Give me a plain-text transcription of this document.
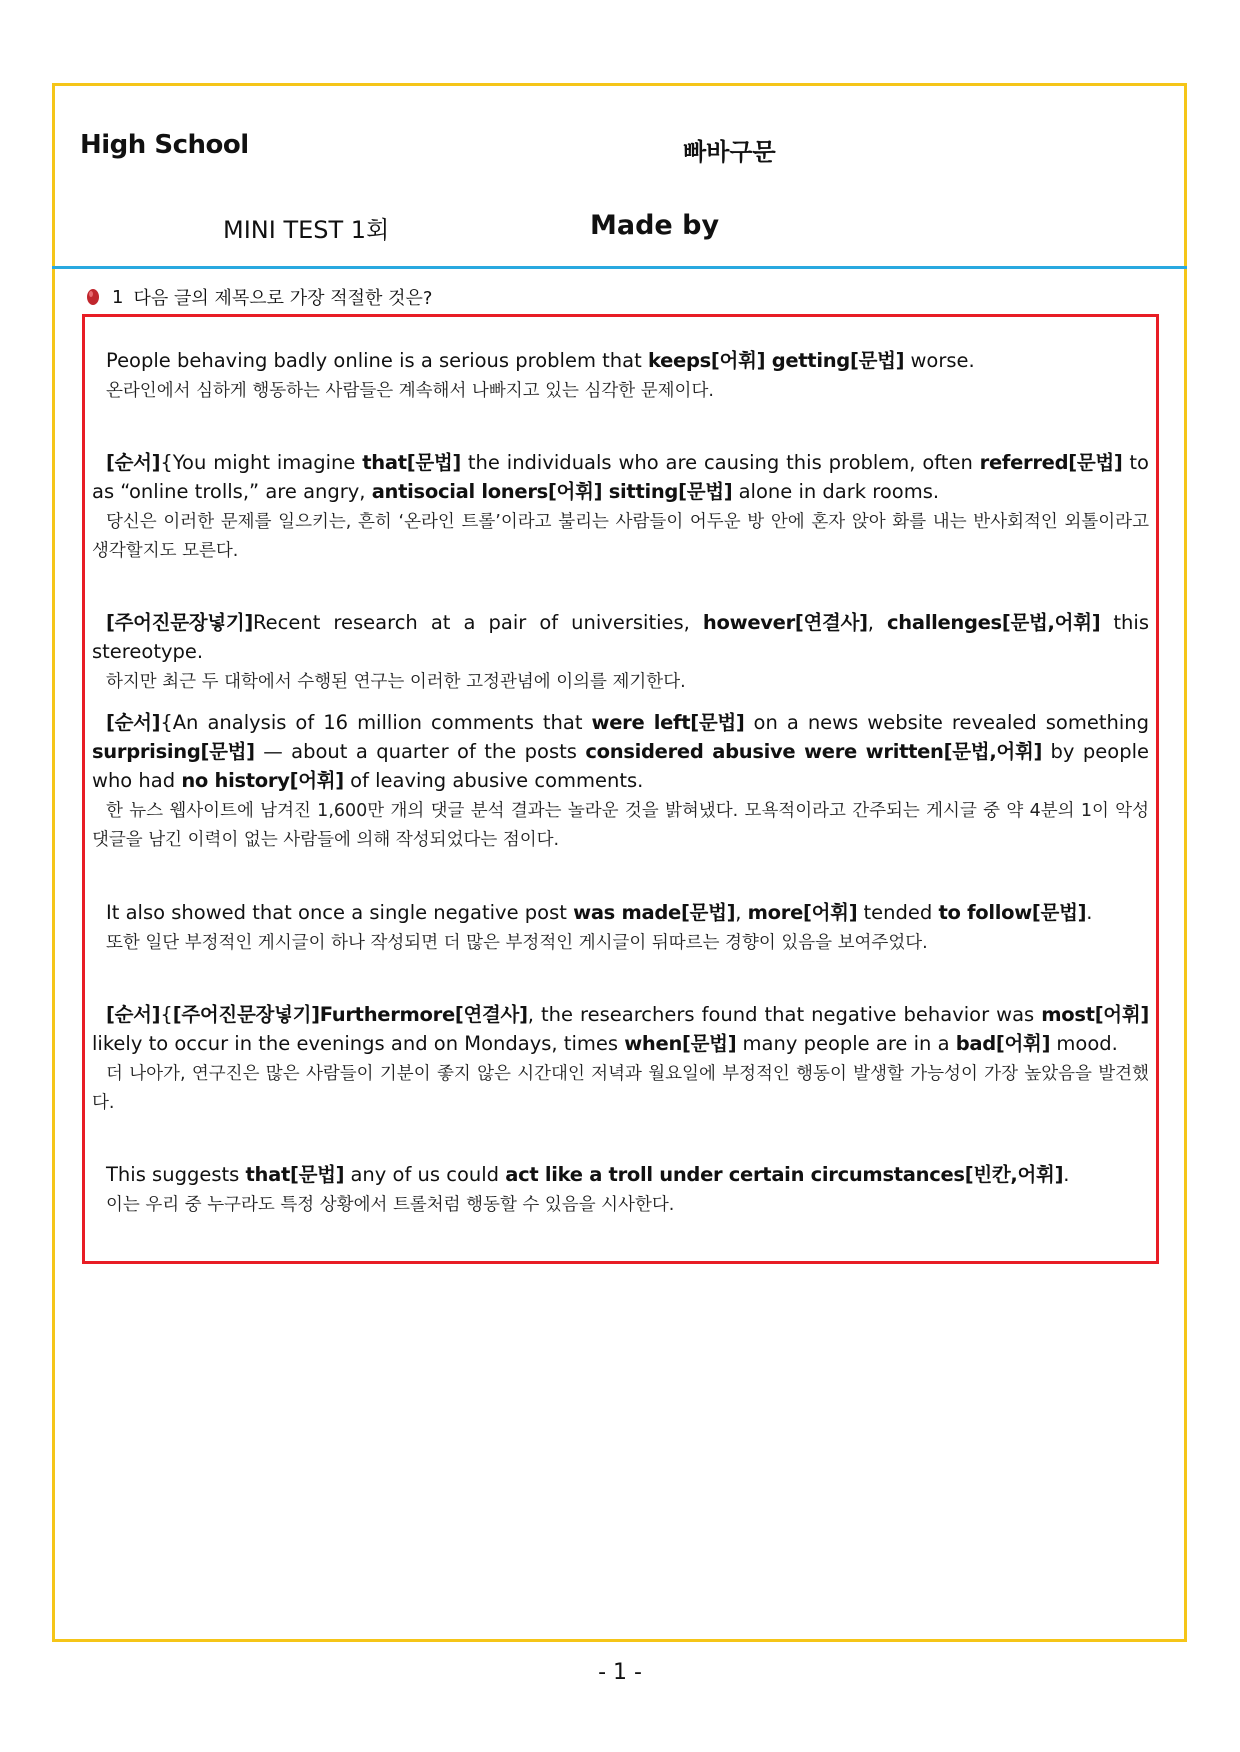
High School	빠바구문
MINI TEST 1회	Made by
1 다음 글의 제목으로 가장 적절한 것은?
People behaving badly online is a serious problem that keeps[어휘] getting[문법] worse.
온라인에서 심하게 행동하는 사람들은 계속해서 나빠지고 있는 심각한 문제이다.
[순서]{You might imagine that[문법] the individuals who are causing this problem, often referred[문법] to as “online trolls,” are angry, antisocial loners[어휘] sitting[문법] alone in dark rooms.
당신은 이러한 문제를 일으키는, 흔히 ‘온라인 트롤’이라고 불리는 사람들이 어두운 방 안에 혼자 앉아 화를 내는 반사회적인 외톨이라고 생각할지도 모른다.
[주어진문장넣기]Recent research at a pair of universities, however[연결사], challenges[문법,어휘] this stereotype.
하지만 최근 두 대학에서 수행된 연구는 이러한 고정관념에 이의를 제기한다.
[순서]{An analysis of 16 million comments that were left[문법] on a news website revealed something surprising[문법] — about a quarter of the posts considered abusive were written[문법,어휘] by people who had no history[어휘] of leaving abusive comments.
한 뉴스 웹사이트에 남겨진 1,600만 개의 댓글 분석 결과는 놀라운 것을 밝혀냈다. 모욕적이라고 간주되는 게시글 중 약 4분의 1이 악성 댓글을 남긴 이력이 없는 사람들에 의해 작성되었다는 점이다.
It also showed that once a single negative post was made[문법], more[어휘] tended to follow[문법].
또한 일단 부정적인 게시글이 하나 작성되면 더 많은 부정적인 게시글이 뒤따르는 경향이 있음을 보여주었다.
[순서]{[주어진문장넣기]Furthermore[연결사], the researchers found that negative behavior was most[어휘] likely to occur in the evenings and on Mondays, times when[문법] many people are in a bad[어휘] mood.
더 나아가, 연구진은 많은 사람들이 기분이 좋지 않은 시간대인 저녁과 월요일에 부정적인 행동이 발생할 가능성이 가장 높았음을 발견했다.
This suggests that[문법] any of us could act like a troll under certain circumstances[빈칸,어휘].
이는 우리 중 누구라도 특정 상황에서 트롤처럼 행동할 수 있음을 시사한다.
- 1 -
